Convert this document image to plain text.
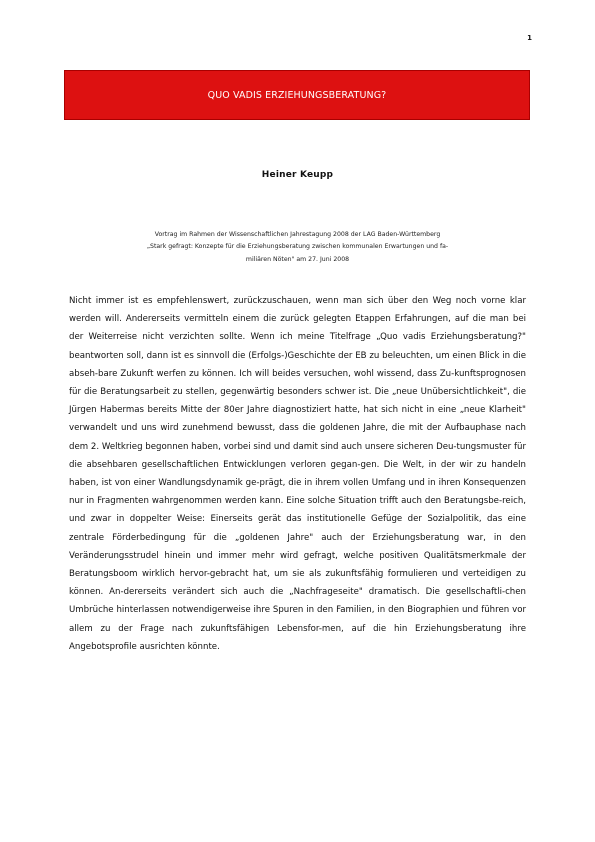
1
QUO VADIS ERZIEHUNGSBERATUNG?
Heiner Keupp
Vortrag im Rahmen der Wissenschaftlichen Jahrestagung 2008 der LAG Baden-Württemberg
„Stark gefragt: Konzepte für die Erziehungsberatung zwischen kommunalen Erwartungen und fa-
miliären Nöten" am 27. Juni 2008
Nicht immer ist es empfehlenswert, zurückzuschauen, wenn man sich über den Weg noch vorne klar werden will. Andererseits vermitteln einem die zurück gelegten Etappen Erfahrungen, auf die man bei der Weiterreise nicht verzichten sollte. Wenn ich meine Titelfrage „Quo vadis Erziehungsberatung?" beantworten soll, dann ist es sinnvoll die (Erfolgs-)Geschichte der EB zu beleuchten, um einen Blick in die abseh-bare Zukunft werfen zu können. Ich will beides versuchen, wohl wissend, dass Zu-kunftsprognosen für die Beratungsarbeit zu stellen, gegenwärtig besonders schwer ist. Die „neue Unübersichtlichkeit", die Jürgen Habermas bereits Mitte der 80er Jahre diagnostiziert hatte, hat sich nicht in eine „neue Klarheit" verwandelt und uns wird zunehmend bewusst, dass die goldenen Jahre, die mit der Aufbauphase nach dem 2. Weltkrieg begonnen haben, vorbei sind und damit sind auch unsere sicheren Deu-tungsmuster für die absehbaren gesellschaftlichen Entwicklungen verloren gegan-gen. Die Welt, in der wir zu handeln haben, ist von einer Wandlungsdynamik ge-prägt, die in ihrem vollen Umfang und in ihren Konsequenzen nur in Fragmenten wahrgenommen werden kann. Eine solche Situation trifft auch den Beratungsbe-reich, und zwar in doppelter Weise: Einerseits gerät das institutionelle Gefüge der Sozialpolitik, das eine zentrale Förderbedingung für die „goldenen Jahre" auch der Erziehungsberatung war, in den Veränderungsstrudel hinein und immer mehr wird gefragt, welche positiven Qualitätsmerkmale der Beratungsboom wirklich hervor-gebracht hat, um sie als zukunftsfähig formulieren und verteidigen zu können. An-dererseits verändert sich auch die „Nachfrageseite" dramatisch. Die gesellschaftli-chen Umbrüche hinterlassen notwendigerweise ihre Spuren in den Familien, in den Biographien und führen vor allem zu der Frage nach zukunftsfähigen Lebensfor-men, auf die hin Erziehungsberatung ihre Angebotsprofile ausrichten könnte.
